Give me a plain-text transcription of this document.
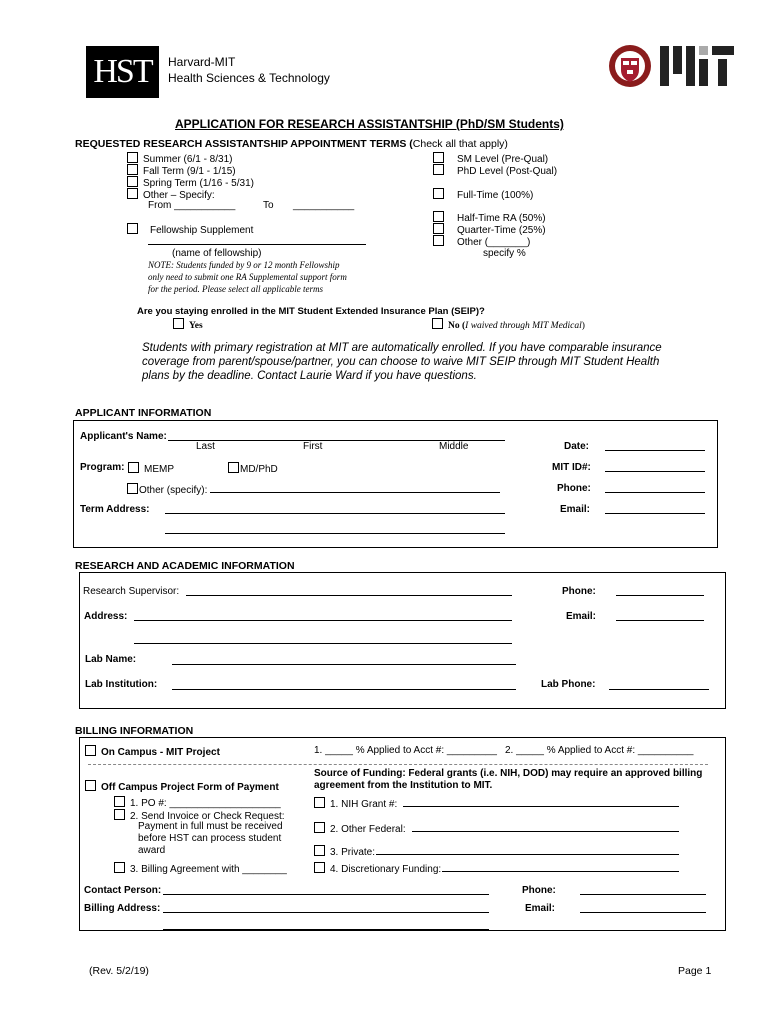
HST	Harvard-MIT
Health Sciences & Technology
APPLICATION FOR RESEARCH ASSISTANTSHIP (PhD/SM Students)
REQUESTED RESEARCH ASSISTANTSHIP APPOINTMENT TERMS (Check all that apply)
Summer (6/1 - 8/31)
Fall Term (9/1 - 1/15)
Spring Term (1/16 - 5/31)
Other – Specify:
From ___________	To ___________
Fellowship Supplement
(name of fellowship)
NOTE: Students funded by 9 or 12 month Fellowship
only need to submit one RA Supplemental support form
for the period. Please select all applicable terms
SM Level (Pre-Qual)
PhD Level (Post-Qual)
Full-Time (100%)
Half-Time RA (50%)
Quarter-Time (25%)
Other (_______)
specify %
Are you staying enrolled in the MIT Student Extended Insurance Plan (SEIP)?
Yes	No (I waived through MIT Medical)
Students with primary registration at MIT are automatically enrolled. If you have comparable insurance
coverage from parent/spouse/partner, you can choose to waive MIT SEIP through MIT Student Health
plans by the deadline. Contact Laurie Ward if you have questions.
APPLICANT INFORMATION
Applicant's Name:
Last	First	Middle	Date:
Program:	MEMP	MD/PhD	MIT ID#:
Other (specify):	Phone:
Term Address:	Email:
RESEARCH AND ACADEMIC INFORMATION
Research Supervisor:	Phone:
Address:	Email:
Lab Name:
Lab Institution:	Lab Phone:
BILLING INFORMATION
On Campus - MIT Project	1. _____ % Applied to Acct #: _________ 2. _____ % Applied to Acct #: __________
Off Campus Project Form of Payment
1. PO #: ____________________
2. Send Invoice or Check Request:
Payment in full must be received
before HST can process student
award
3. Billing Agreement with ________
Source of Funding: Federal grants (i.e. NIH, DOD) may require an approved billing
agreement from the Institution to MIT.
1. NIH Grant #:
2. Other Federal:
3. Private:
4. Discretionary Funding:
Contact Person:	Phone:
Billing Address:	Email:
(Rev. 5/2/19)	Page 1
